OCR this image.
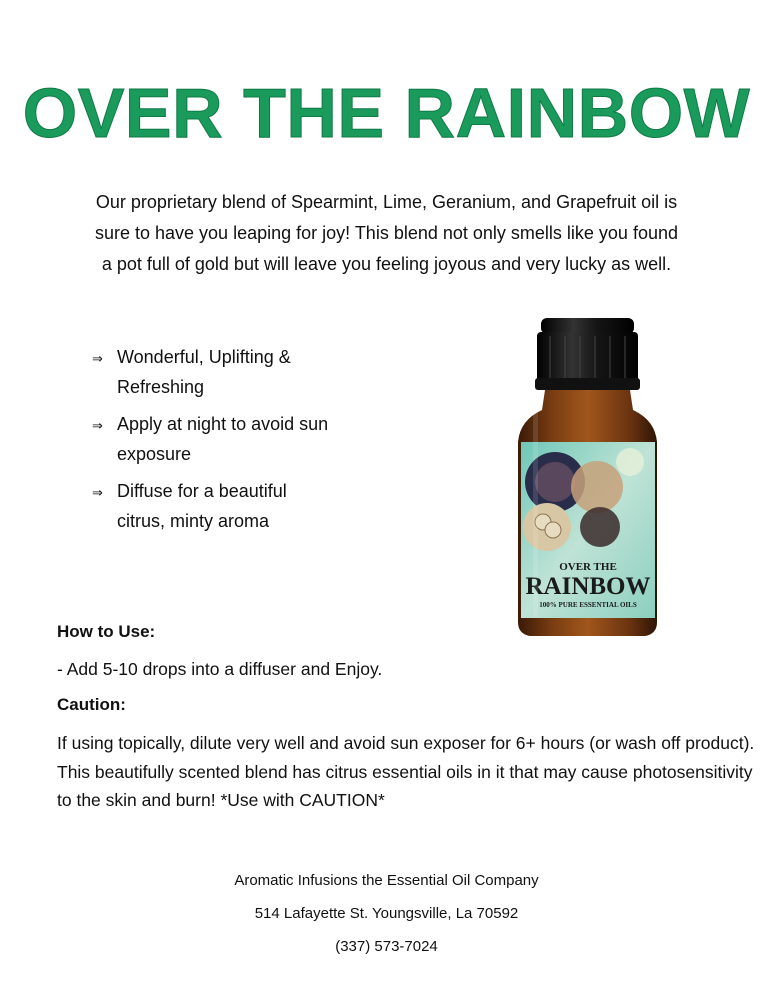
OVER THE RAINBOW
Our proprietary blend of Spearmint, Lime, Geranium, and Grapefruit oil is sure to have you leaping for joy! This blend not only smells like you found a pot full of gold but will leave you feeling joyous and very lucky as well.
⇒ Wonderful, Uplifting & Refreshing
⇒ Apply at night to avoid sun exposure
⇒ Diffuse for a beautiful citrus, minty aroma
OVER THE
RAINBOW
100% PURE ESSENTIAL OILS
How to Use:
- Add 5-10 drops into a diffuser and Enjoy.
Caution:
If using topically, dilute very well and avoid sun exposer for 6+ hours (or wash off product). This beautifully scented blend has citrus essential oils in it that may cause photosensitivity to the skin and burn! *Use with CAUTION*
Aromatic Infusions the Essential Oil Company
514 Lafayette St. Youngsville, La 70592
(337) 573-7024
